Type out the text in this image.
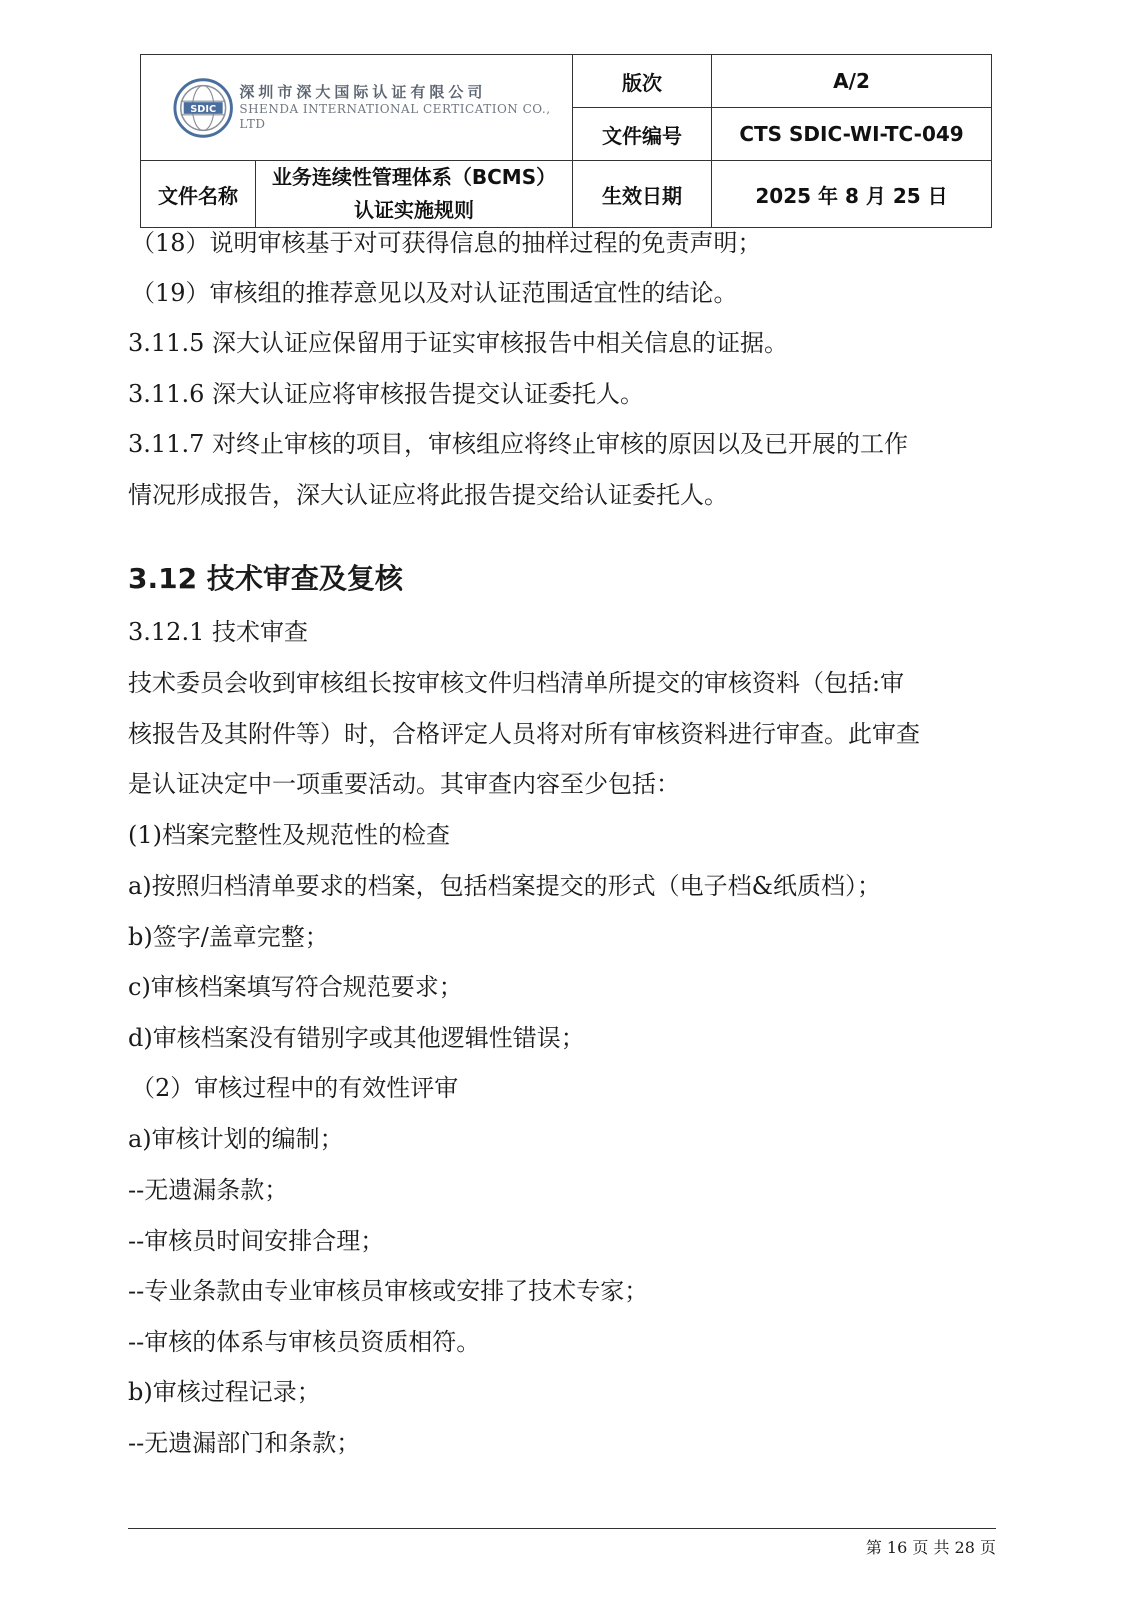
SDIC
深圳市深大国际认证有限公司
SHENDA INTERNATIONAL CERTICATION CO., LTD		版次	A/2
		文件编号	CTS SDIC-WI-TC-049
文件名称	业务连续性管理体系（BCMS）认证实施规则	生效日期	2025 年 8 月 25 日
（18）说明审核基于对可获得信息的抽样过程的免责声明；
（19）审核组的推荐意见以及对认证范围适宜性的结论。
3.11.5 深大认证应保留用于证实审核报告中相关信息的证据。
3.11.6 深大认证应将审核报告提交认证委托人。
3.11.7 对终止审核的项目，审核组应将终止审核的原因以及已开展的工作
情况形成报告，深大认证应将此报告提交给认证委托人。
3.12 技术审查及复核
3.12.1 技术审查
技术委员会收到审核组长按审核文件归档清单所提交的审核资料（包括:审
核报告及其附件等）时，合格评定人员将对所有审核资料进行审查。此审查
是认证决定中一项重要活动。其审查内容至少包括：
(1)档案完整性及规范性的检查
a)按照归档清单要求的档案，包括档案提交的形式（电子档&纸质档）；
b)签字/盖章完整；
c)审核档案填写符合规范要求；
d)审核档案没有错别字或其他逻辑性错误；
（2）审核过程中的有效性评审
a)审核计划的编制；
--无遗漏条款；
--审核员时间安排合理；
--专业条款由专业审核员审核或安排了技术专家；
--审核的体系与审核员资质相符。
b)审核过程记录；
--无遗漏部门和条款；
第 16 页 共 28 页
